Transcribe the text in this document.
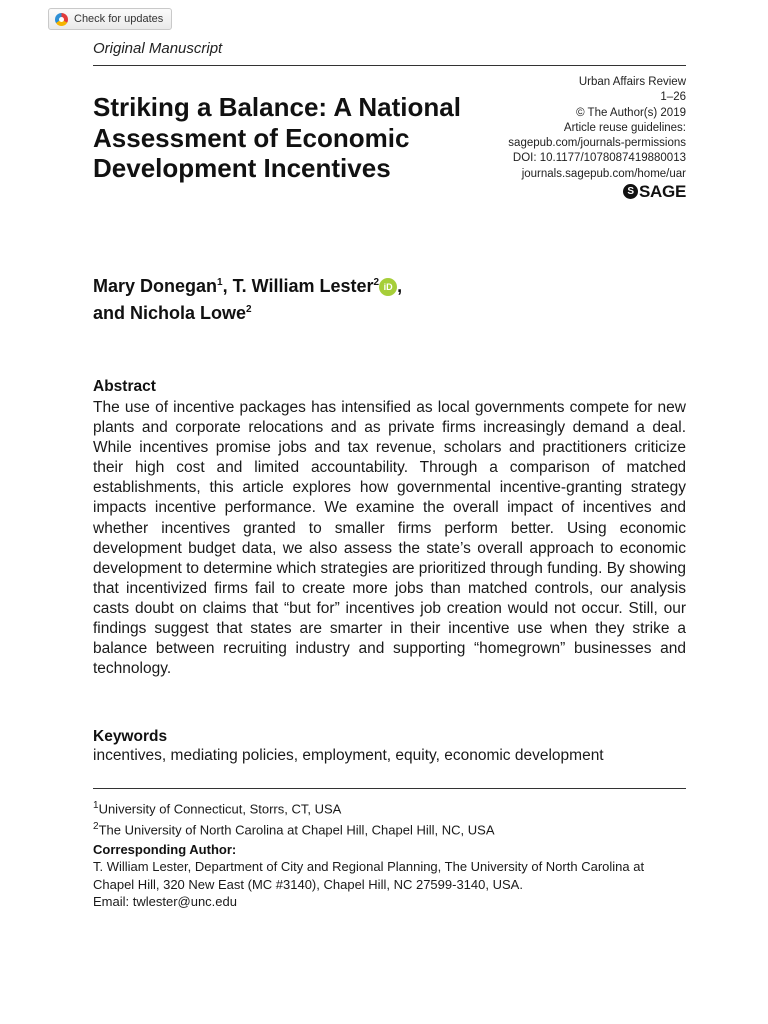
Check for updates
Original Manuscript
Striking a Balance: A National Assessment of Economic Development Incentives
Urban Affairs Review
1–26
© The Author(s) 2019
Article reuse guidelines:
sagepub.com/journals-permissions
DOI: 10.1177/1078087419880013
journals.sagepub.com/home/uar
S SAGE
Mary Donegan$^1$, T. William Lester$^2$ iD ,
and Nichola Lowe$^2$
Abstract

The use of incentive packages has intensified as local governments compete for new plants and corporate relocations and as private firms increasingly demand a deal. While incentives promise jobs and tax revenue, scholars and practitioners criticize their high cost and limited accountability. Through a comparison of matched establishments, this article explores how governmental incentive-granting strategy impacts incentive performance. We examine the overall impact of incentives and whether incentives granted to smaller firms perform better. Using economic development budget data, we also assess the state’s overall approach to economic development to determine which strategies are prioritized through funding. By showing that incentivized firms fail to create more jobs than matched controls, our analysis casts doubt on claims that “but for” incentives job creation would not occur. Still, our findings suggest that states are smarter in their incentive use when they strike a balance between recruiting industry and supporting “homegrown” businesses and technology.

Keywords
incentives, mediating policies, employment, equity, economic development
$^1$University of Connecticut, Storrs, CT, USA
$^2$The University of North Carolina at Chapel Hill, Chapel Hill, NC, USA
Corresponding Author:
T. William Lester, Department of City and Regional Planning, The University of North Carolina at Chapel Hill, 320 New East (MC #3140), Chapel Hill, NC 27599-3140, USA.
Email: twlester@unc.edu
